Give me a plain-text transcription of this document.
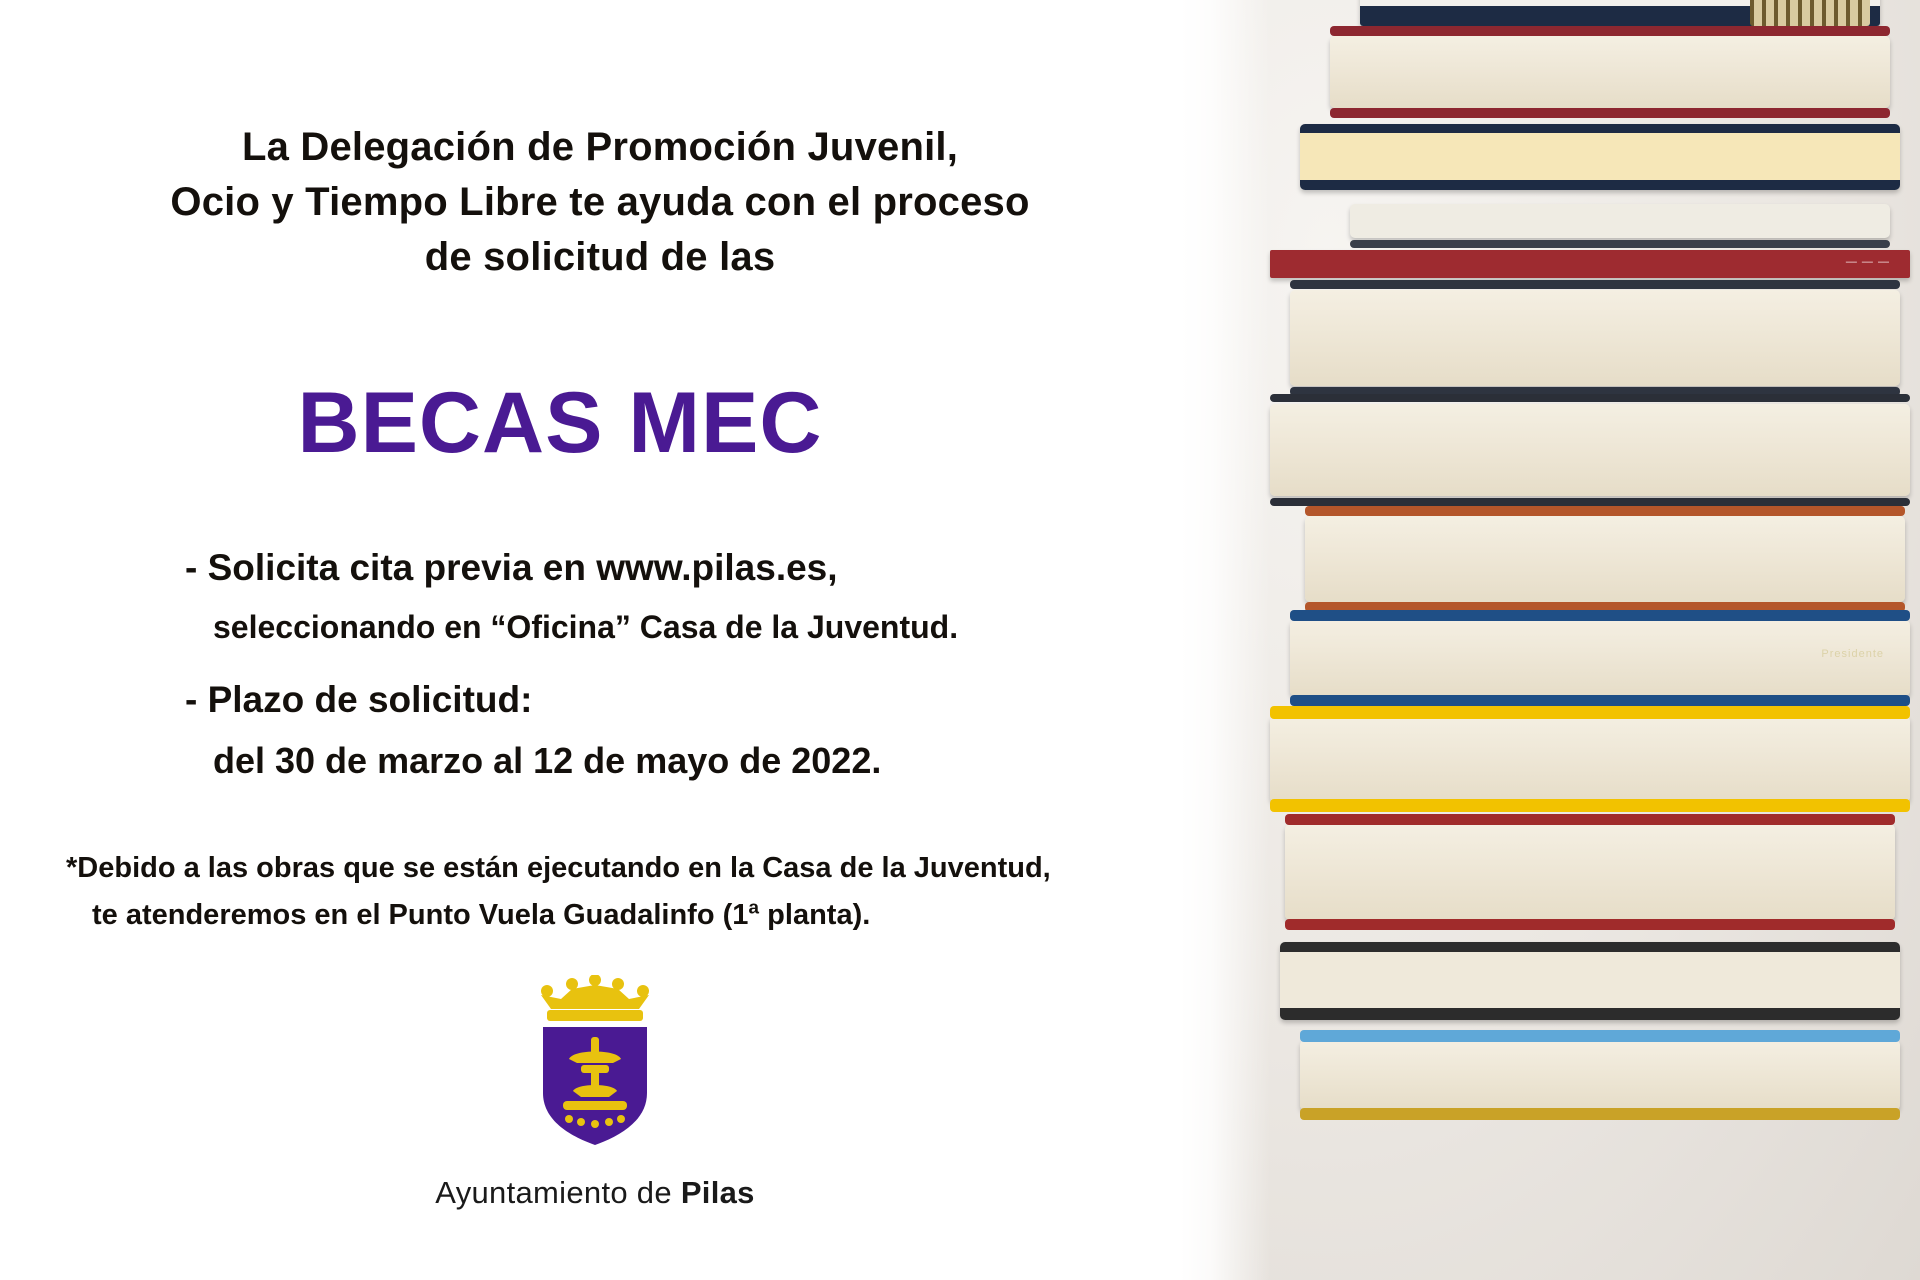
— — —
Presidente
La Delegación de Promoción Juvenil,
Ocio y Tiempo Libre te ayuda con el proceso
de solicitud de las
BECAS MEC

- Solicita cita previa en www.pilas.es,

seleccionando en “Oficina” Casa de la Juventud.

- Plazo de solicitud:

del 30 de marzo al 12 de mayo de 2022.

*Debido a las obras que se están ejecutando en la Casa de la Juventud,
te atenderemos en el Punto Vuela Guadalinfo (1ª planta).
Ayuntamiento de Pilas
